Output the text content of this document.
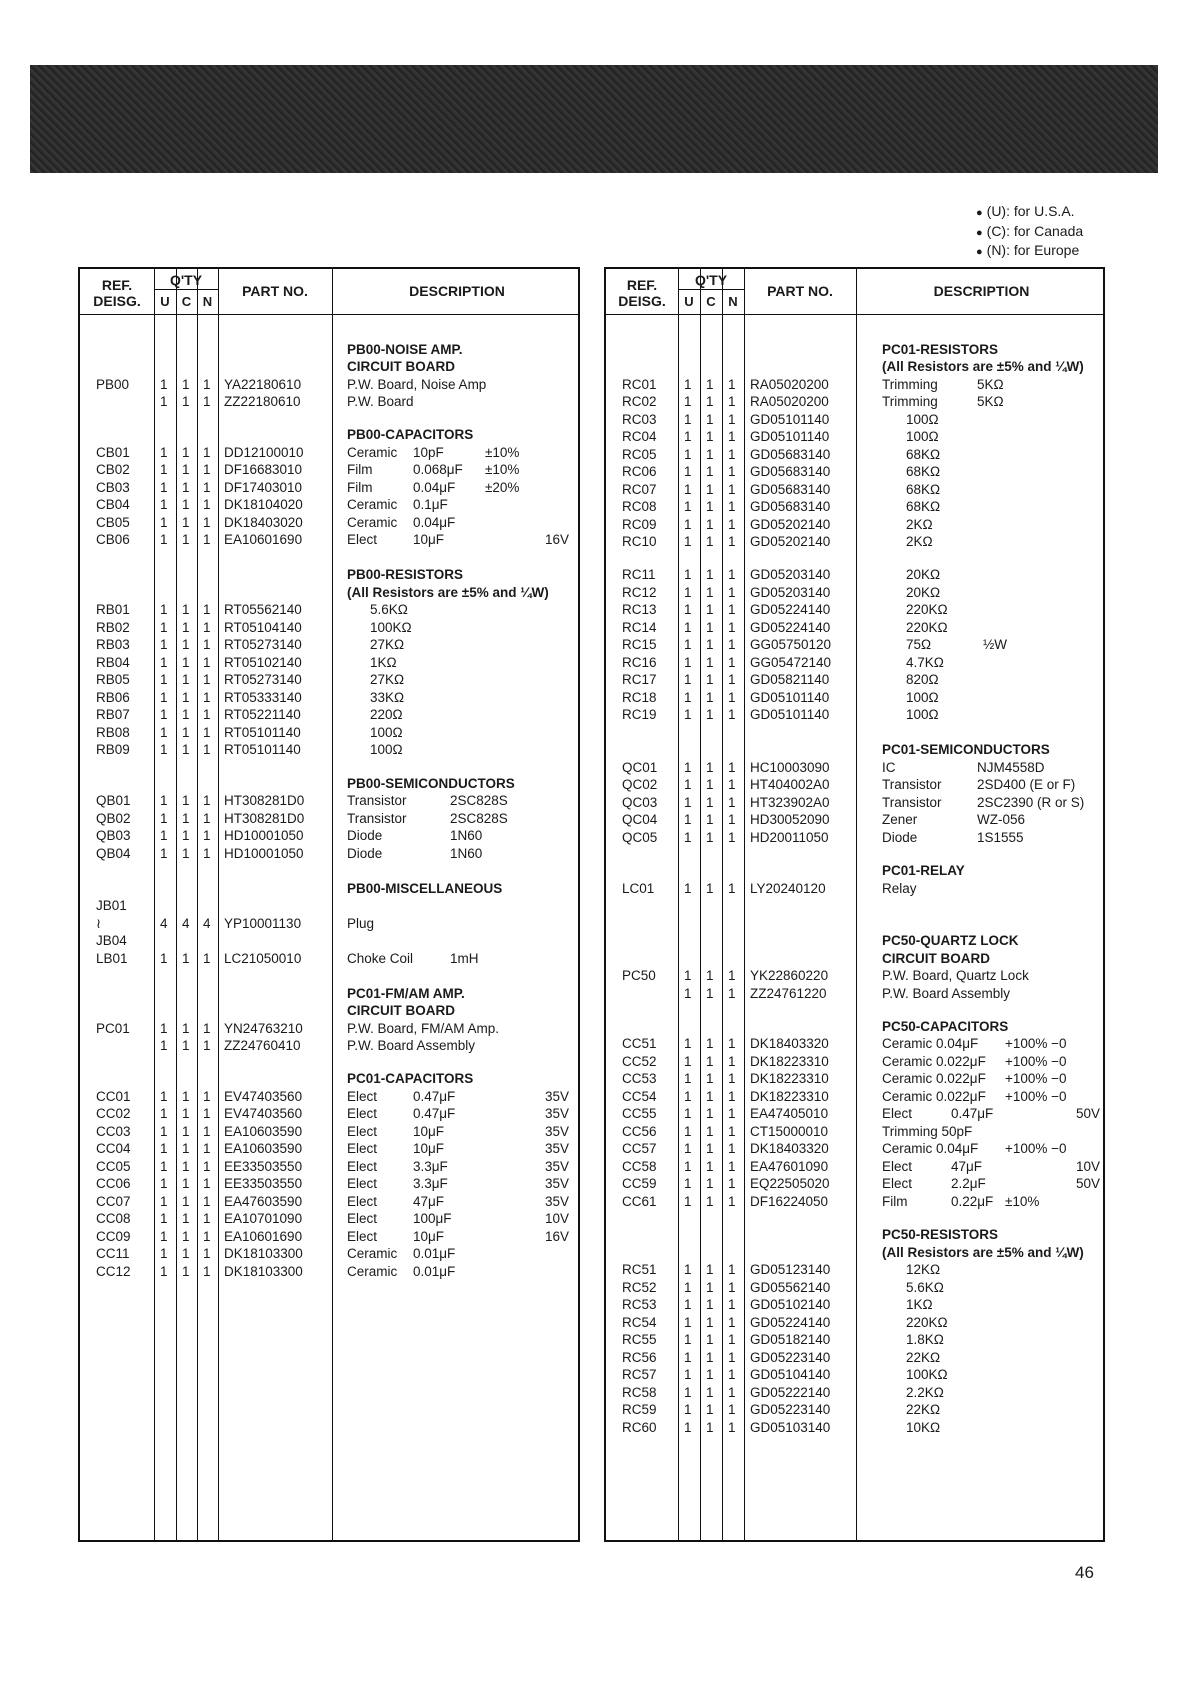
● (U): for U.S.A.
● (C): for Canada
● (N): for Europe
REF.
DEISG.
Q'TY
U C N
PART NO.	DESCRIPTION
PB00-NOISE AMP.
CIRCUIT BOARD
PB00 1 1 1 YA22180610	P.W. Board, Noise Amp
1 1 1 ZZ22180610	P.W. Board
PB00-CAPACITORS
CB01 1 1 1 DD12100010	Ceramic 10pF	±10%
CB02 1 1 1 DF16683010	Film	0.068μF ±10%
CB03 1 1 1 DF17403010	Film	0.04μF ±20%
CB04 1 1 1 DK18104020	Ceramic 0.1μF
CB05 1 1 1 DK18403020	Ceramic 0.04μF
CB06 1 1 1 EA10601690	Elect	10μF	16V
PB00-RESISTORS
(All Resistors are ±5% and ¼W)
RB01 1 1 1 RT05562140	5.6KΩ
RB02 1 1 1 RT05104140	100KΩ
RB03 1 1 1 RT05273140	27KΩ
RB04 1 1 1 RT05102140	1KΩ
RB05 1 1 1 RT05273140	27KΩ
RB06 1 1 1 RT05333140	33KΩ
RB07 1 1 1 RT05221140	220Ω
RB08 1 1 1 RT05101140	100Ω
RB09 1 1 1 RT05101140	100Ω
PB00-SEMICONDUCTORS
QB01 1 1 1 HT308281D0	Transistor	2SC828S
QB02 1 1 1 HT308281D0	Transistor	2SC828S
QB03 1 1 1 HD10001050	Diode	1N60
QB04 1 1 1 HD10001050	Diode	1N60
PB00-MISCELLANEOUS
JB01
≀	4 4 4 YP10001130	Plug
JB04
LB01 1 1 1 LC21050010	Choke Coil	1mH
PC01-FM/AM AMP.
CIRCUIT BOARD
PC01 1 1 1 YN24763210	P.W. Board, FM/AM Amp.
1 1 1 ZZ24760410	P.W. Board Assembly
PC01-CAPACITORS
CC01 1 1 1 EV47403560	Elect	0.47μF	35V
CC02 1 1 1 EV47403560	Elect	0.47μF	35V
CC03 1 1 1 EA10603590	Elect	10μF	35V
CC04 1 1 1 EA10603590	Elect	10μF	35V
CC05 1 1 1 EE33503550	Elect	3.3μF	35V
CC06 1 1 1 EE33503550	Elect	3.3μF	35V
CC07 1 1 1 EA47603590	Elect	47μF	35V
CC08 1 1 1 EA10701090	Elect	100μF	10V
CC09 1 1 1 EA10601690	Elect	10μF	16V
CC11 1 1 1 DK18103300	Ceramic 0.01μF
CC12 1 1 1 DK18103300	Ceramic 0.01μF
REF.
DEISG.
Q'TY
U C N
PART NO.	DESCRIPTION
PC01-RESISTORS
(All Resistors are ±5% and ¼W)
RC01 1 1 1 RA05020200	Trimming	5KΩ
RC02 1 1 1 RA05020200	Trimming	5KΩ
RC03 1 1 1 GD05101140	100Ω
RC04 1 1 1 GD05101140	100Ω
RC05 1 1 1 GD05683140	68KΩ
RC06 1 1 1 GD05683140	68KΩ
RC07 1 1 1 GD05683140	68KΩ
RC08 1 1 1 GD05683140	68KΩ
RC09 1 1 1 GD05202140	2KΩ
RC10 1 1 1 GD05202140	2KΩ
RC11 1 1 1 GD05203140	20KΩ
RC12 1 1 1 GD05203140	20KΩ
RC13 1 1 1 GD05224140	220KΩ
RC14 1 1 1 GD05224140	220KΩ
RC15 1 1 1 GG05750120	75Ω	½W
RC16 1 1 1 GG05472140	4.7KΩ
RC17 1 1 1 GD05821140	820Ω
RC18 1 1 1 GD05101140	100Ω
RC19 1 1 1 GD05101140	100Ω
PC01-SEMICONDUCTORS
QC01 1 1 1 HC10003090	IC	NJM4558D
QC02 1 1 1 HT404002A0	Transistor	2SD400 (E or F)
QC03 1 1 1 HT323902A0	Transistor	2SC2390 (R or S)
QC04 1 1 1 HD30052090	Zener	WZ-056
QC05 1 1 1 HD20011050	Diode	1S1555
PC01-RELAY
LC01 1 1 1 LY20240120	Relay
PC50-QUARTZ LOCK
CIRCUIT BOARD
PC50 1 1 1 YK22860220	P.W. Board, Quartz Lock
1 1 1 ZZ24761220	P.W. Board Assembly
PC50-CAPACITORS
CC51 1 1 1 DK18403320	Ceramic 0.04μF +100% −0
CC52 1 1 1 DK18223310	Ceramic 0.022μF +100% −0
CC53 1 1 1 DK18223310	Ceramic 0.022μF +100% −0
CC54 1 1 1 DK18223310	Ceramic 0.022μF +100% −0
CC55 1 1 1 EA47405010	Elect	0.47μF	50V
CC56 1 1 1 CT15000010	Trimming 50pF
CC57 1 1 1 DK18403320	Ceramic 0.04μF +100% −0
CC58 1 1 1 EA47601090	Elect	47μF	10V
CC59 1 1 1 EQ22505020	Elect	2.2μF	50V
CC61 1 1 1 DF16224050	Film	0.22μF ±10%
PC50-RESISTORS
(All Resistors are ±5% and ¼W)
RC51 1 1 1 GD05123140	12KΩ
RC52 1 1 1 GD05562140	5.6KΩ
RC53 1 1 1 GD05102140	1KΩ
RC54 1 1 1 GD05224140	220KΩ
RC55 1 1 1 GD05182140	1.8KΩ
RC56 1 1 1 GD05223140	22KΩ
RC57 1 1 1 GD05104140	100KΩ
RC58 1 1 1 GD05222140	2.2KΩ
RC59 1 1 1 GD05223140	22KΩ
RC60 1 1 1 GD05103140	10KΩ
46
